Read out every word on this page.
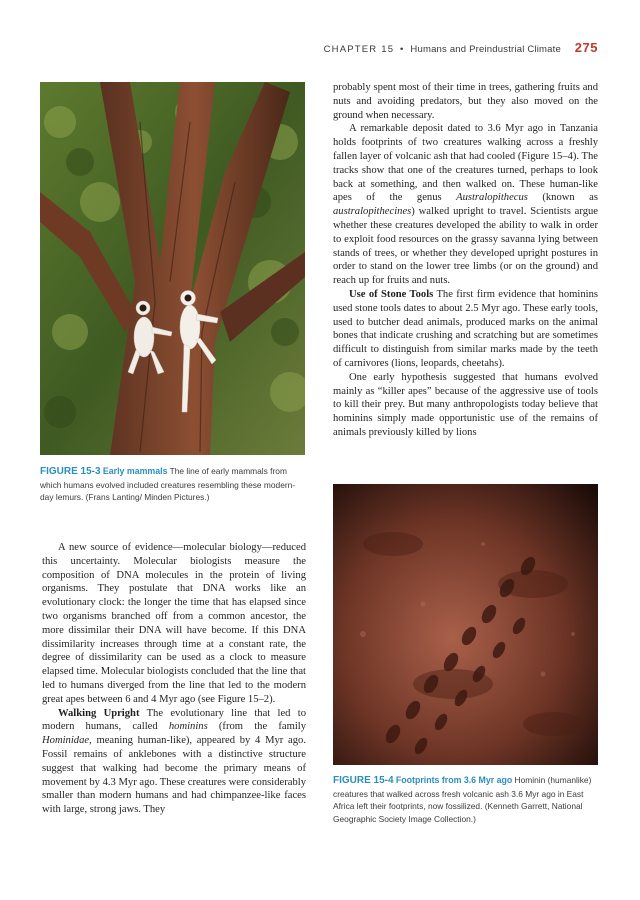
CHAPTER 15 • Humans and Preindustrial Climate 275
FIGURE 15-3 Early mammals The line of early mammals from which humans evolved included creatures resembling these modern-day lemurs. (Frans Lanting/ Minden Pictures.)

probably spent most of their time in trees, gathering fruits and nuts and avoiding predators, but they also moved on the ground when necessary.

A remarkable deposit dated to 3.6 Myr ago in Tanzania holds footprints of two creatures walking across a freshly fallen layer of volcanic ash that had cooled (Figure 15–4). The tracks show that one of the creatures turned, perhaps to look back at something, and then walked on. These human-like apes of the genus Australopithecus (known as australopithecines) walked upright to travel. Scientists argue whether these creatures developed the ability to walk in order to exploit food resources on the grassy savanna lying between stands of trees, or whether they developed upright postures in order to stand on the lower tree limbs (or on the ground) and reach up for fruits and nuts.

Use of Stone Tools The first firm evidence that hominins used stone tools dates to about 2.5 Myr ago. These early tools, used to butcher dead animals, produced marks on the animal bones that indicate crushing and scratching but are sometimes difficult to distinguish from similar marks made by the teeth of carnivores (lions, leopards, cheetahs).

One early hypothesis suggested that humans evolved mainly as “killer apes” because of the aggressive use of tools to kill their prey. But many anthropologists today believe that hominins simply made opportunistic use of the remains of animals previously killed by lions

FIGURE 15-4 Footprints from 3.6 Myr ago Hominin (humanlike) creatures that walked across fresh volcanic ash 3.6 Myr ago in East Africa left their footprints, now fossilized. (Kenneth Garrett, National Geographic Society Image Collection.)

A new source of evidence—molecular biology—reduced this uncertainty. Molecular biologists measure the composition of DNA molecules in the protein of living organisms. They postulate that DNA works like an evolutionary clock: the longer the time that has elapsed since two organisms branched off from a common ancestor, the more dissimilar their DNA will have become. If this DNA dissimilarity increases through time at a constant rate, the degree of dissimilarity can be used as a clock to measure elapsed time. Molecular biologists concluded that the line that led to humans diverged from the line that led to the modern great apes between 6 and 4 Myr ago (see Figure 15–2).

Walking Upright The evolutionary line that led to modern humans, called hominins (from the family Hominidae, meaning human-like), appeared by 4 Myr ago. Fossil remains of anklebones with a distinctive structure suggest that walking had become the primary means of movement by 4.3 Myr ago. These creatures were considerably smaller than modern humans and had chimpanzee-like faces with large, strong jaws. They
